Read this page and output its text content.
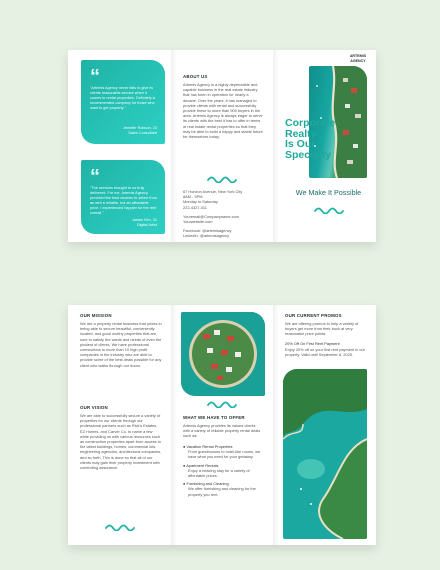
“
"Artemis Agency never fails to give its clients reasonable service when it comes to rental properties. Definitely a recommended company for those who want to get property."
Jennifer Robson, 23
Sales Consultant
“
"The services brought to us truly delivered. For me, Artemis Agency provided the best choices to select from as well a reliable, but an affordable price. I experienced happier for the rent overall."
James Kim, 31
Digital Artist
ABOUT US
Artemis Agency is a highly dependable and capable business in the real estate industry that has been in operation for nearly a decade. Over the years, it has managed to provide clients with rental and successfully provide these to more than 900 buyers in the area. Artemis Agency is always eager to serve its clients with the best it has to offer in terms of real estate rental properties so that they may be able to build a happy and stable future for themselves today.
67 Horizon Avenue, New York City
8AM - 5PM
Monday to Saturday
222-4327-011
Youremail@Companyname.com
Yourwebsite.com
Facebook: @artemisagency
LinkedIn: @artemisagency
ARTEMIS
AGENCY
Corporate
Realty
Is Our
Specialty
We Make It Possible
OUR MISSION
We are a property rental business that prides in being able to secure beautiful, conveniently located, and good worthy properties that are sure to satisfy the wants and needs of even the pickiest of clients. We have professional connections to more than 10 high profit companies in the industry who are able to provide some of the best deals possible for any client who walks through our doors.
OUR VISION
We are able to successfully secure a variety of properties for our clients through our professional partners such as Rick's Estates, EZ Homes, and Carver Co. to name a few while providing us with various resources such as construction properties apart from access to the latest buildings, homes, commercial lots, engineering agencies, architectural companies, and so forth. This is done so that all of our clients may gain their property investment with comforting assurance.
WHAT WE HAVE TO OFFER
Artemis Agency provides its valued clients with a variety of reliable property rental deals such as:
● Vacation Rental Properties
From guesthouses to hotel-like rooms, we have what you need for your getaway.
● Apartment Rentals
Enjoy a relaxing stay for a variety of affordable prices.
● Furnishing and Cleaning
We offer furnishing and cleaning for the property you rent.
OUR CURRENT PROMOS
We are offering promos to help a variety of buyers get more from their buck at very reasonable price points:
20% Off On First Rent Payment
Enjoy 20% off on your first rent payment in our property. Valid until September 5, 2025.
